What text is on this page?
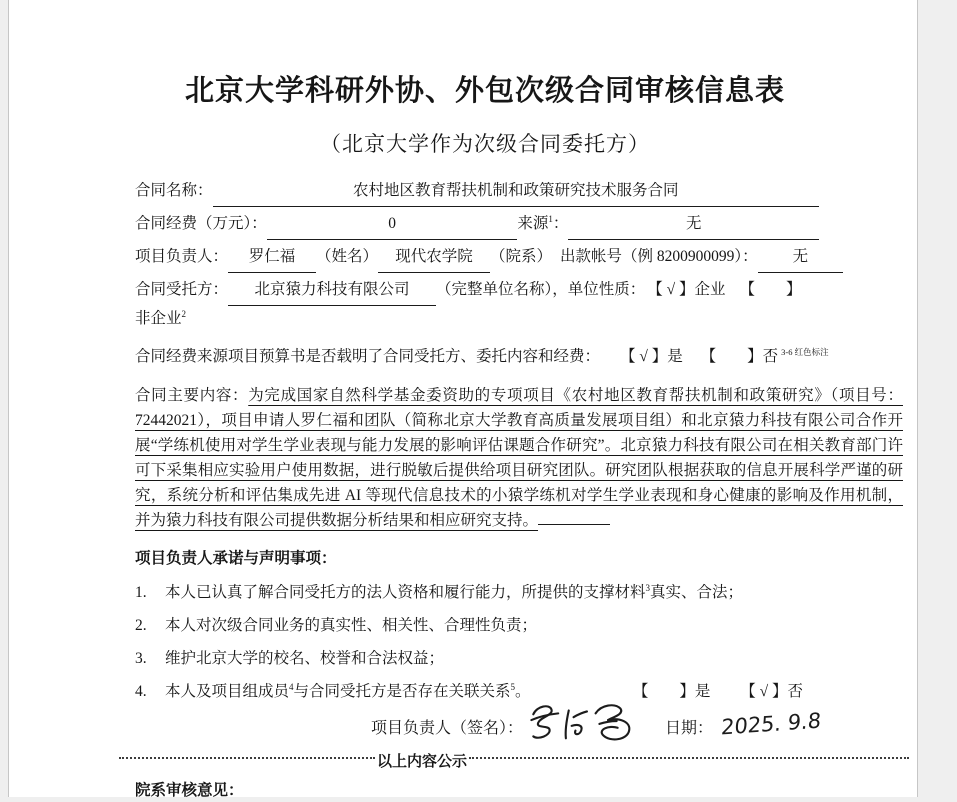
北京大学科研外协、外包次级合同审核信息表
（北京大学作为次级合同委托方）
合同名称：	农村地区教育帮扶机制和政策研究技术服务合同
合同经费（万元）：	0	来源$^1$：	无
项目负责人：	罗仁福	（姓名）	现代农学院	（院系） 出款帐号（例 8200900099）：	无
合同受托方：	北京猿力科技有限公司	（完整单位名称），单位性质： 【 √ 】企业 【　　】
非企业$^2$
合同经费来源项目预算书是否载明了合同受托方、委托内容和经费： 【 √ 】是 【　　】否 $^{3-6 红色标注}$
合同主要内容：为完成国家自然科学基金委资助的专项项目《农村地区教育帮扶机制和政策研究》（项目号：72442021），项目申请人罗仁福和团队（简称北京大学教育高质量发展项目组）和北京猿力科技有限公司合作开展“学练机使用对学生学业表现与能力发展的影响评估课题合作研究”。北京猿力科技有限公司在相关教育部门许可下采集相应实验用户使用数据，进行脱敏后提供给项目研究团队。研究团队根据获取的信息开展科学严谨的研究，系统分析和评估集成先进 AI 等现代信息技术的小猿学练机对学生学业表现和身心健康的影响及作用机制，并为猿力科技有限公司提供数据分析结果和相应研究支持。
项目负责人承诺与声明事项：
1.	本人已认真了解合同受托方的法人资格和履行能力，所提供的支撑材料$^3$真实、合法；
2.	本人对次级合同业务的真实性、相关性、合理性负责；
3.	维护北京大学的校名、校誉和合法权益；
4.	本人及项目组成员$^4$与合同受托方是否存在关联关系$^5$。	【　　】是 【 √ 】否
项目负责人（签名）：	日期： 2025. 9.8
以上内容公示
院系审核意见：
